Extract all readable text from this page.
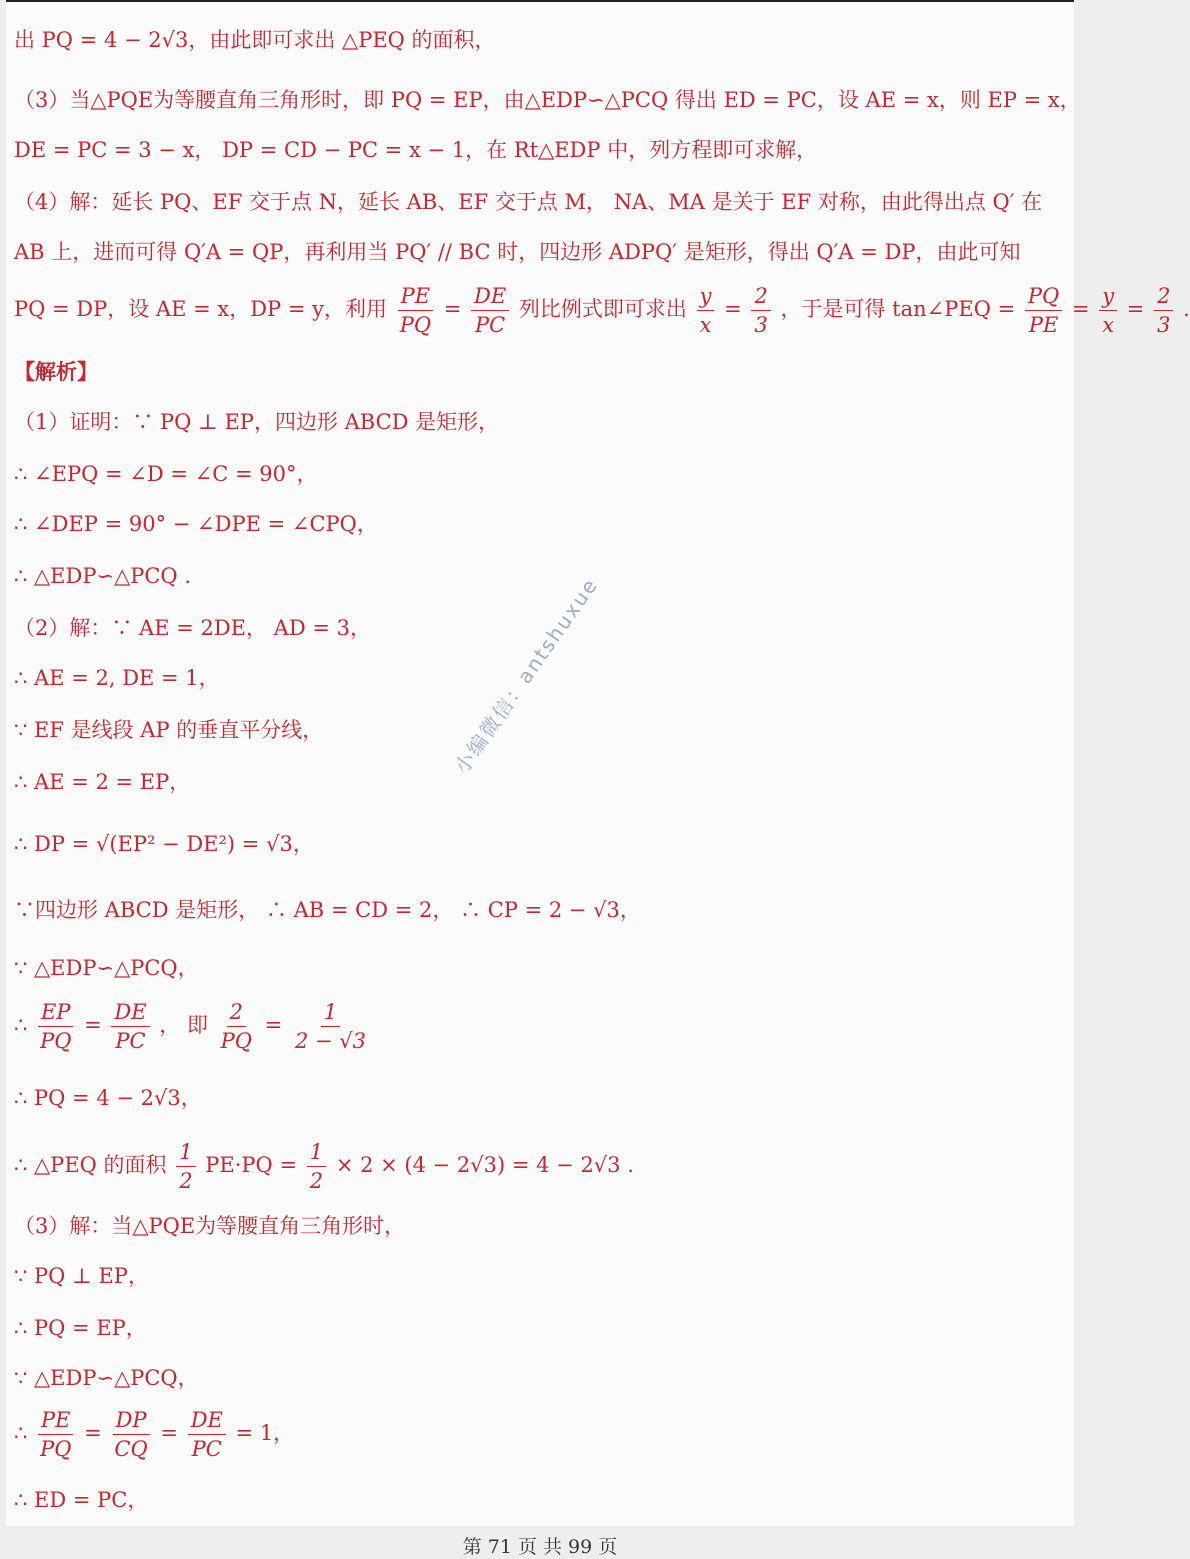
出 PQ = 4 − 2√3，由此即可求出 △PEQ 的面积，
（3）当△PQE为等腰直角三角形时，即 PQ = EP，由△EDP∽△PCQ 得出 ED = PC，设 AE = x，则 EP = x，
DE = PC = 3 − x， DP = CD − PC = x − 1，在 Rt△EDP 中，列方程即可求解，
（4）解：延长 PQ、EF 交于点 N，延长 AB、EF 交于点 M， NA、MA 是关于 EF 对称，由此得出点 Q′ 在
AB 上，进而可得 Q′A = QP，再利用当 PQ′ // BC 时，四边形 ADPQ′ 是矩形，得出 Q′A = DP，由此可知
PQ = DP，设 AE = x，DP = y，利用 $\frac{PE}{PQ} = \frac{DE}{PC}$ 列比例式即可求出 $\frac{y}{x} = \frac{2}{3}$ ，于是可得 tan∠PEQ = $\frac{PQ}{PE} = \frac{y}{x} = \frac{2}{3}$ .
【解析】
（1）证明：∵ PQ ⊥ EP，四边形 ABCD 是矩形，
∴ ∠EPQ = ∠D = ∠C = 90°，
∴ ∠DEP = 90° − ∠DPE = ∠CPQ，
∴ △EDP∽△PCQ .
（2）解：∵ AE = 2DE， AD = 3，
∴ AE = 2, DE = 1，
∵ EF 是线段 AP 的垂直平分线，
∴ AE = 2 = EP，
∴ DP = √(EP² − DE²) = √3，
∵四边形 ABCD 是矩形， ∴ AB = CD = 2， ∴ CP = 2 − √3，
∵ △EDP∽△PCQ，
∴ $\frac{EP}{PQ} = \frac{DE}{PC}$ ， 即 $\frac{2}{PQ} = \frac{1}{2 - √3}$
∴ PQ = 4 − 2√3，
∴ △PEQ 的面积 $\frac{1}{2} PE\cdot PQ = \frac{1}{2} \times 2 \times (4 - 2√3) = 4 - 2√3$ .
（3）解：当△PQE为等腰直角三角形时，
∵ PQ ⊥ EP，
∴ PQ = EP，
∵ △EDP∽△PCQ，
∴ $\frac{PE}{PQ} = \frac{DP}{CQ} = \frac{DE}{PC} = 1$，
∴ ED = PC，
小编微信：antshuxue
第 71 页 共 99 页
